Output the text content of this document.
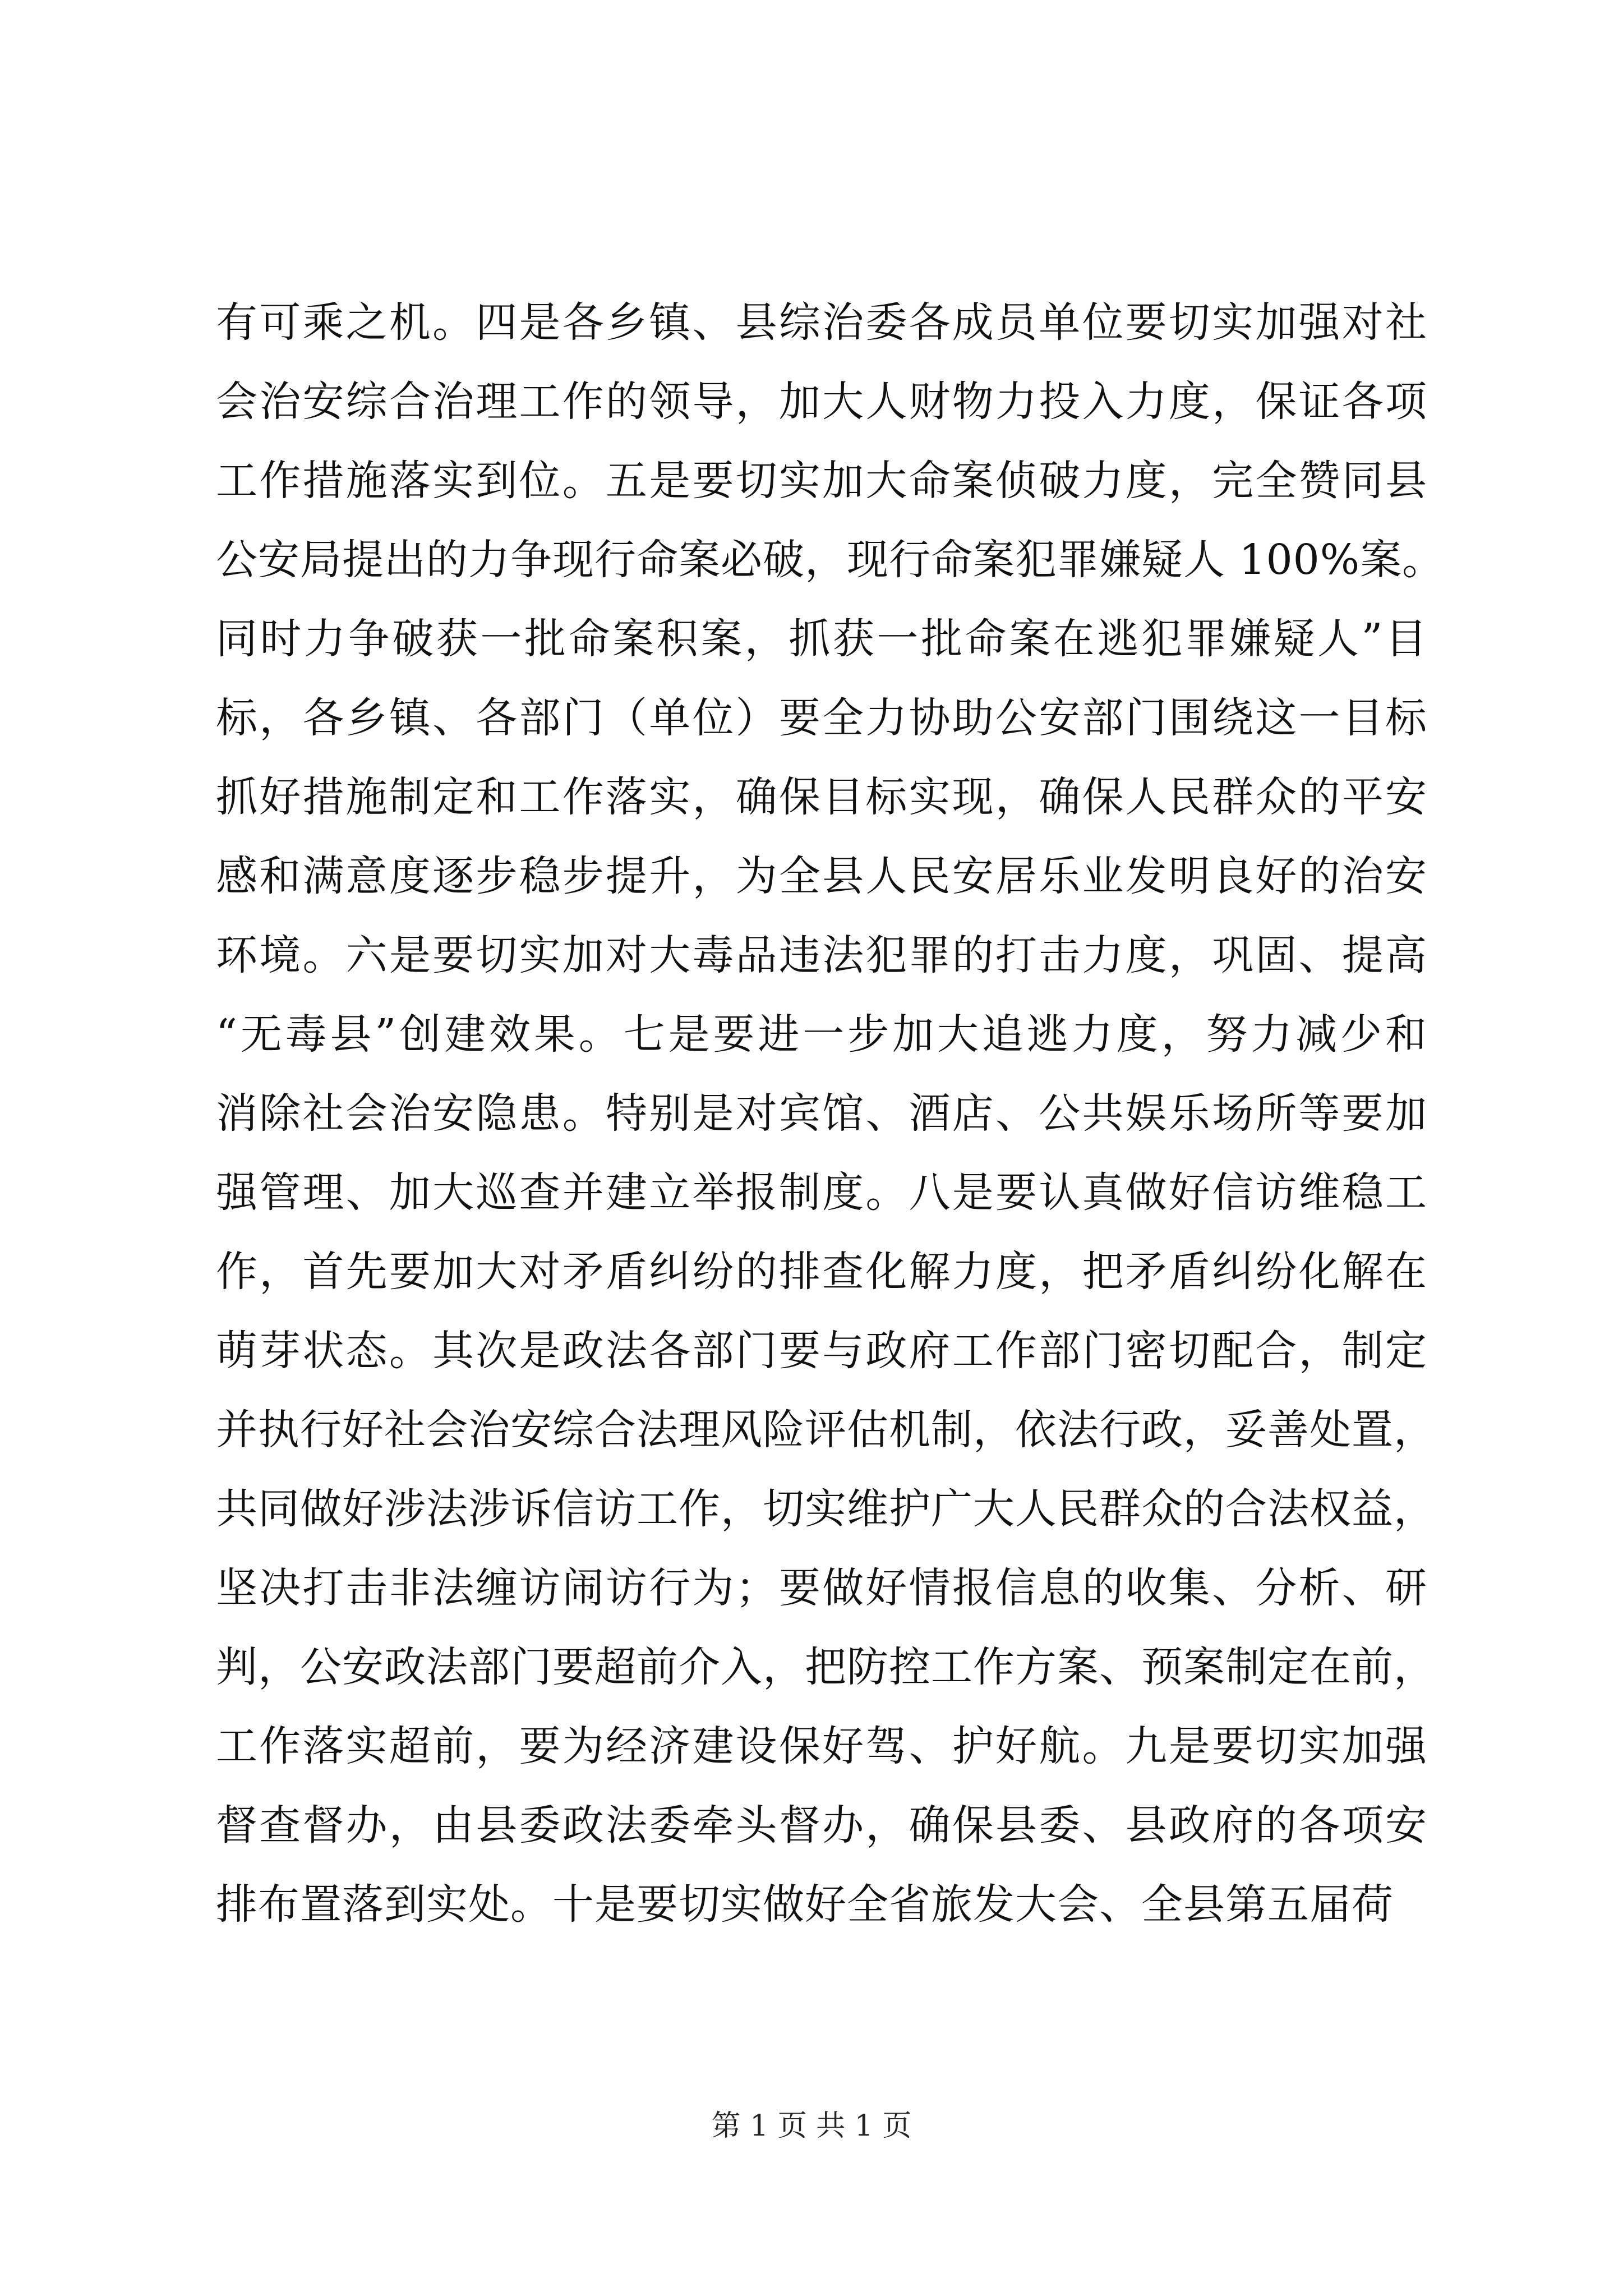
有可乘之机。四是各乡镇、县综治委各成员单位要切实加强对社
会治安综合治理工作的领导，加大人财物力投入力度，保证各项
工作措施落实到位。五是要切实加大命案侦破力度，完全赞同县
公安局提出的力争现行命案必破，现行命案犯罪嫌疑人 100%案。
同时力争破获一批命案积案，抓获一批命案在逃犯罪嫌疑人”目
标，各乡镇、各部门（单位）要全力协助公安部门围绕这一目标
抓好措施制定和工作落实，确保目标实现，确保人民群众的平安
感和满意度逐步稳步提升，为全县人民安居乐业发明良好的治安
环境。六是要切实加对大毒品违法犯罪的打击力度，巩固、提高
“无毒县”创建效果。七是要进一步加大追逃力度，努力减少和
消除社会治安隐患。特别是对宾馆、酒店、公共娱乐场所等要加
强管理、加大巡查并建立举报制度。八是要认真做好信访维稳工
作，首先要加大对矛盾纠纷的排查化解力度，把矛盾纠纷化解在
萌芽状态。其次是政法各部门要与政府工作部门密切配合，制定
并执行好社会治安综合法理风险评估机制，依法行政，妥善处置，
共同做好涉法涉诉信访工作，切实维护广大人民群众的合法权益，
坚决打击非法缠访闹访行为；要做好情报信息的收集、分析、研
判，公安政法部门要超前介入，把防控工作方案、预案制定在前，
工作落实超前，要为经济建设保好驾、护好航。九是要切实加强
督查督办，由县委政法委牵头督办，确保县委、县政府的各项安
排布置落到实处。十是要切实做好全省旅发大会、全县第五届荷
第 1 页 共 1 页
